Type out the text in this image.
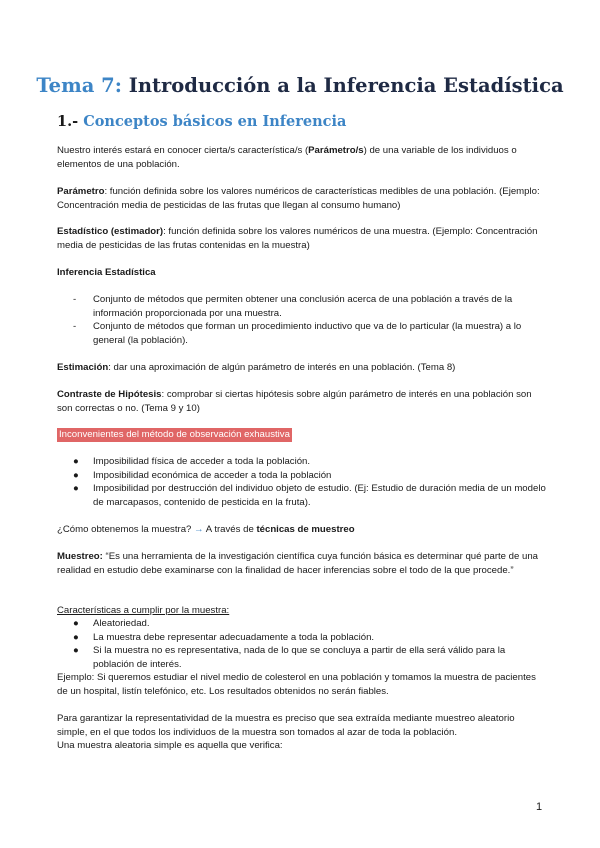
Tema 7: Introducción a la Inferencia Estadística
1.- Conceptos básicos en Inferencia

Nuestro interés estará en conocer cierta/s característica/s (Parámetro/s) de una variable de los individuos o elementos de una población.

Parámetro: función definida sobre los valores numéricos de características medibles de una población. (Ejemplo: Concentración media de pesticidas de las frutas que llegan al consumo humano)

Estadístico (estimador): función definida sobre los valores numéricos de una muestra. (Ejemplo: Concentración media de pesticidas de las frutas contenidas en la muestra)

Inferencia Estadística

- Conjunto de métodos que permiten obtener una conclusión acerca de una población a través de la información proporcionada por una muestra.

- Conjunto de métodos que forman un procedimiento inductivo que va de lo particular (la muestra) a lo general (la población).

Estimación: dar una aproximación de algún parámetro de interés en una población. (Tema 8)

Contraste de Hipótesis: comprobar si ciertas hipótesis sobre algún parámetro de interés en una población son son correctas o no. (Tema 9 y 10)

Inconvenientes del método de observación exhaustiva
● Imposibilidad física de acceder a toda la población.

● Imposibilidad económica de acceder a toda la población

● Imposibilidad por destrucción del individuo objeto de estudio. (Ej: Estudio de duración media de un modelo de marcapasos, contenido de pesticida en la fruta).

¿Cómo obtenemos la muestra? → A través de técnicas de muestreo

Muestreo: “Es una herramienta de la investigación científica cuya función básica es determinar qué parte de una realidad en estudio debe examinarse con la finalidad de hacer inferencias sobre el todo de la que procede.”

Características a cumplir por la muestra:

● Aleatoriedad.

● La muestra debe representar adecuadamente a toda la población.

● Si la muestra no es representativa, nada de lo que se concluya a partir de ella será válido para la población de interés.

Ejemplo: Si queremos estudiar el nivel medio de colesterol en una población y tomamos la muestra de pacientes de un hospital, listín telefónico, etc. Los resultados obtenidos no serán fiables.

Para garantizar la representatividad de la muestra es preciso que sea extraída mediante muestreo aleatorio simple, en el que todos los individuos de la muestra son tomados al azar de toda la población.

Una muestra aleatoria simple es aquella que verifica:

1
